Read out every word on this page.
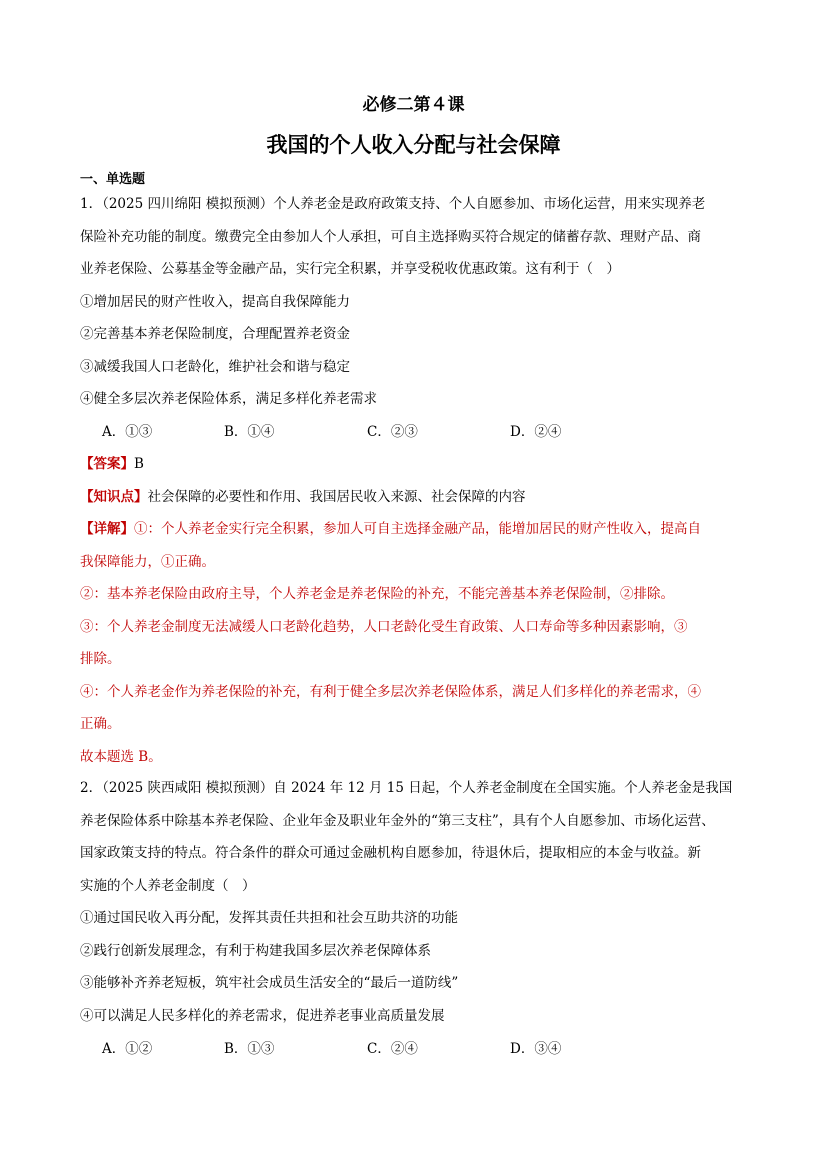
必修二第４课
我国的个人收入分配与社会保障
一、单选题
1．（2025 四川绵阳 模拟预测）个人养老金是政府政策支持、个人自愿参加、市场化运营，用来实现养老
保险补充功能的制度。缴费完全由参加人个人承担，可自主选择购买符合规定的储蓄存款、理财产品、商
业养老保险、公募基金等金融产品，实行完全积累，并享受税收优惠政策。这有利于（　）
①增加居民的财产性收入，提高自我保障能力
②完善基本养老保险制度，合理配置养老资金
③减缓我国人口老龄化，维护社会和谐与稳定
④健全多层次养老保险体系，满足多样化养老需求
A．①③	B．①④	C．②③	D．②④
【答案】B
【知识点】社会保障的必要性和作用、我国居民收入来源、社会保障的内容
【详解】①：个人养老金实行完全积累，参加人可自主选择金融产品，能增加居民的财产性收入，提高自
我保障能力，①正确。
②：基本养老保险由政府主导，个人养老金是养老保险的补充，不能完善基本养老保险制，②排除。
③：个人养老金制度无法减缓人口老龄化趋势，人口老龄化受生育政策、人口寿命等多种因素影响，③
排除。
④：个人养老金作为养老保险的补充，有利于健全多层次养老保险体系，满足人们多样化的养老需求，④
正确。
故本题选 B。
2．（2025 陕西咸阳 模拟预测）自 2024 年 12 月 15 日起，个人养老金制度在全国实施。个人养老金是我国
养老保险体系中除基本养老保险、企业年金及职业年金外的“第三支柱”，具有个人自愿参加、市场化运营、
国家政策支持的特点。符合条件的群众可通过金融机构自愿参加，待退休后，提取相应的本金与收益。新
实施的个人养老金制度（　）
①通过国民收入再分配，发挥其责任共担和社会互助共济的功能
②践行创新发展理念，有利于构建我国多层次养老保障体系
③能够补齐养老短板，筑牢社会成员生活安全的“最后一道防线”
④可以满足人民多样化的养老需求，促进养老事业高质量发展
A．①②	B．①③	C．②④	D．③④
